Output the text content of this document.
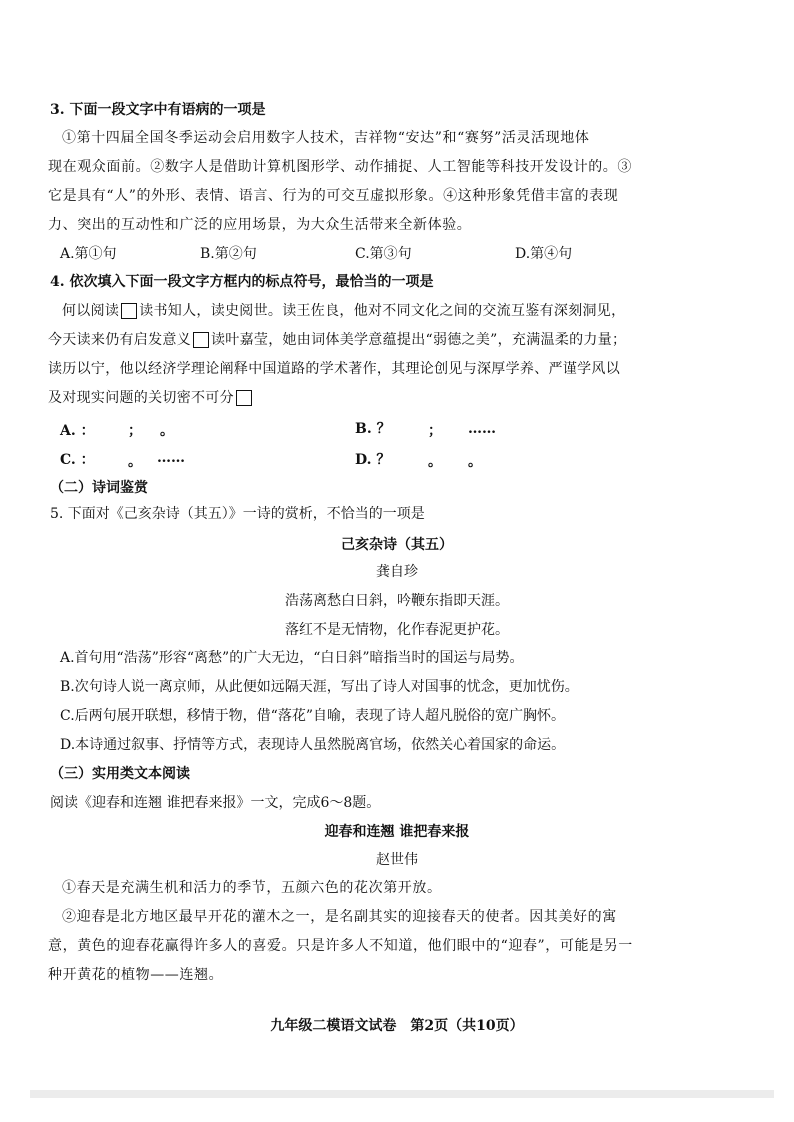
3. 下面一段文字中有语病的一项是
①第十四届全国冬季运动会启用数字人技术，吉祥物“安达”和“赛努”活灵活现地体
现在观众面前。②数字人是借助计算机图形学、动作捕捉、人工智能等科技开发设计的。③
它是具有“人”的外形、表情、语言、行为的可交互虚拟形象。④这种形象凭借丰富的表现
力、突出的互动性和广泛的应用场景，为大众生活带来全新体验。
A.第①句	B.第②句	C.第③句	D.第④句
4. 依次填入下面一段文字方框内的标点符号，最恰当的一项是
何以阅读 读书知人，读史阅世。读王佐良，他对不同文化之间的交流互鉴有深刻洞见，
今天读来仍有启发意义 读叶嘉莹，她由词体美学意蕴提出“弱德之美”，充满温柔的力量；
读历以宁，他以经济学理论阐释中国道路的学术著作，其理论创见与深厚学养、严谨学风以
及对现实问题的关切密不可分
A. ： ； 。	B. ？	； ……
C. ： 。 ……	D. ？	。 。
（二）诗词鉴赏
5. 下面对《己亥杂诗（其五）》一诗的赏析，不恰当的一项是
己亥杂诗（其五）
龚自珍
浩荡离愁白日斜，吟鞭东指即天涯。
落红不是无情物，化作春泥更护花。
A.首句用“浩荡”形容“离愁”的广大无边，“白日斜”暗指当时的国运与局势。
B.次句诗人说一离京师，从此便如远隔天涯，写出了诗人对国事的忧念，更加忧伤。
C.后两句展开联想，移情于物，借“落花”自喻，表现了诗人超凡脱俗的宽广胸怀。
D.本诗通过叙事、抒情等方式，表现诗人虽然脱离官场，依然关心着国家的命运。
（三）实用类文本阅读
阅读《迎春和连翘 谁把春来报》一文，完成6～8题。
迎春和连翘 谁把春来报
赵世伟
①春天是充满生机和活力的季节，五颜六色的花次第开放。
②迎春是北方地区最早开花的灌木之一，是名副其实的迎接春天的使者。因其美好的寓
意，黄色的迎春花赢得许多人的喜爱。只是许多人不知道，他们眼中的“迎春”，可能是另一
种开黄花的植物——连翘。
九年级二模语文试卷　第2页（共10页）
